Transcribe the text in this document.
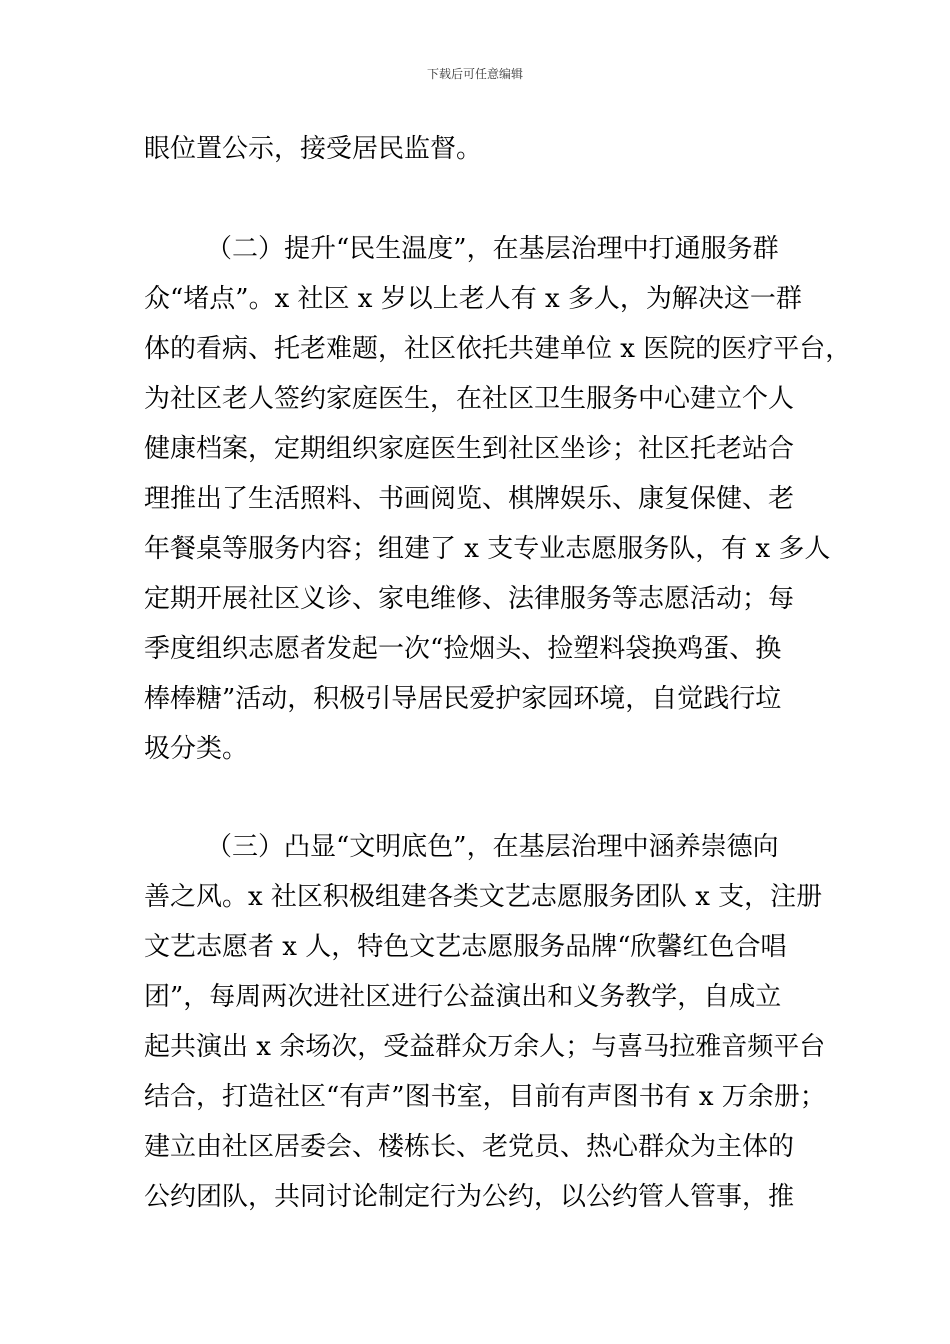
下载后可任意编辑
眼位置公示，接受居民监督。
（二）提升“民生温度”，在基层治理中打通服务群
众“堵点”。x 社区 x 岁以上老人有 x 多人，为解决这一群
体的看病、托老难题，社区依托共建单位 x 医院的医疗平台，
为社区老人签约家庭医生，在社区卫生服务中心建立个人
健康档案，定期组织家庭医生到社区坐诊；社区托老站合
理推出了生活照料、书画阅览、棋牌娱乐、康复保健、老
年餐桌等服务内容；组建了 x 支专业志愿服务队，有 x 多人
定期开展社区义诊、家电维修、法律服务等志愿活动；每
季度组织志愿者发起一次“捡烟头、捡塑料袋换鸡蛋、换
棒棒糖”活动，积极引导居民爱护家园环境，自觉践行垃
圾分类。
（三）凸显“文明底色”，在基层治理中涵养崇德向
善之风。x 社区积极组建各类文艺志愿服务团队 x 支，注册
文艺志愿者 x 人，特色文艺志愿服务品牌“欣馨红色合唱
团”，每周两次进社区进行公益演出和义务教学，自成立
起共演出 x 余场次，受益群众万余人；与喜马拉雅音频平台
结合，打造社区“有声”图书室，目前有声图书有 x 万余册；
建立由社区居委会、楼栋长、老党员、热心群众为主体的
公约团队，共同讨论制定行为公约，以公约管人管事，推
